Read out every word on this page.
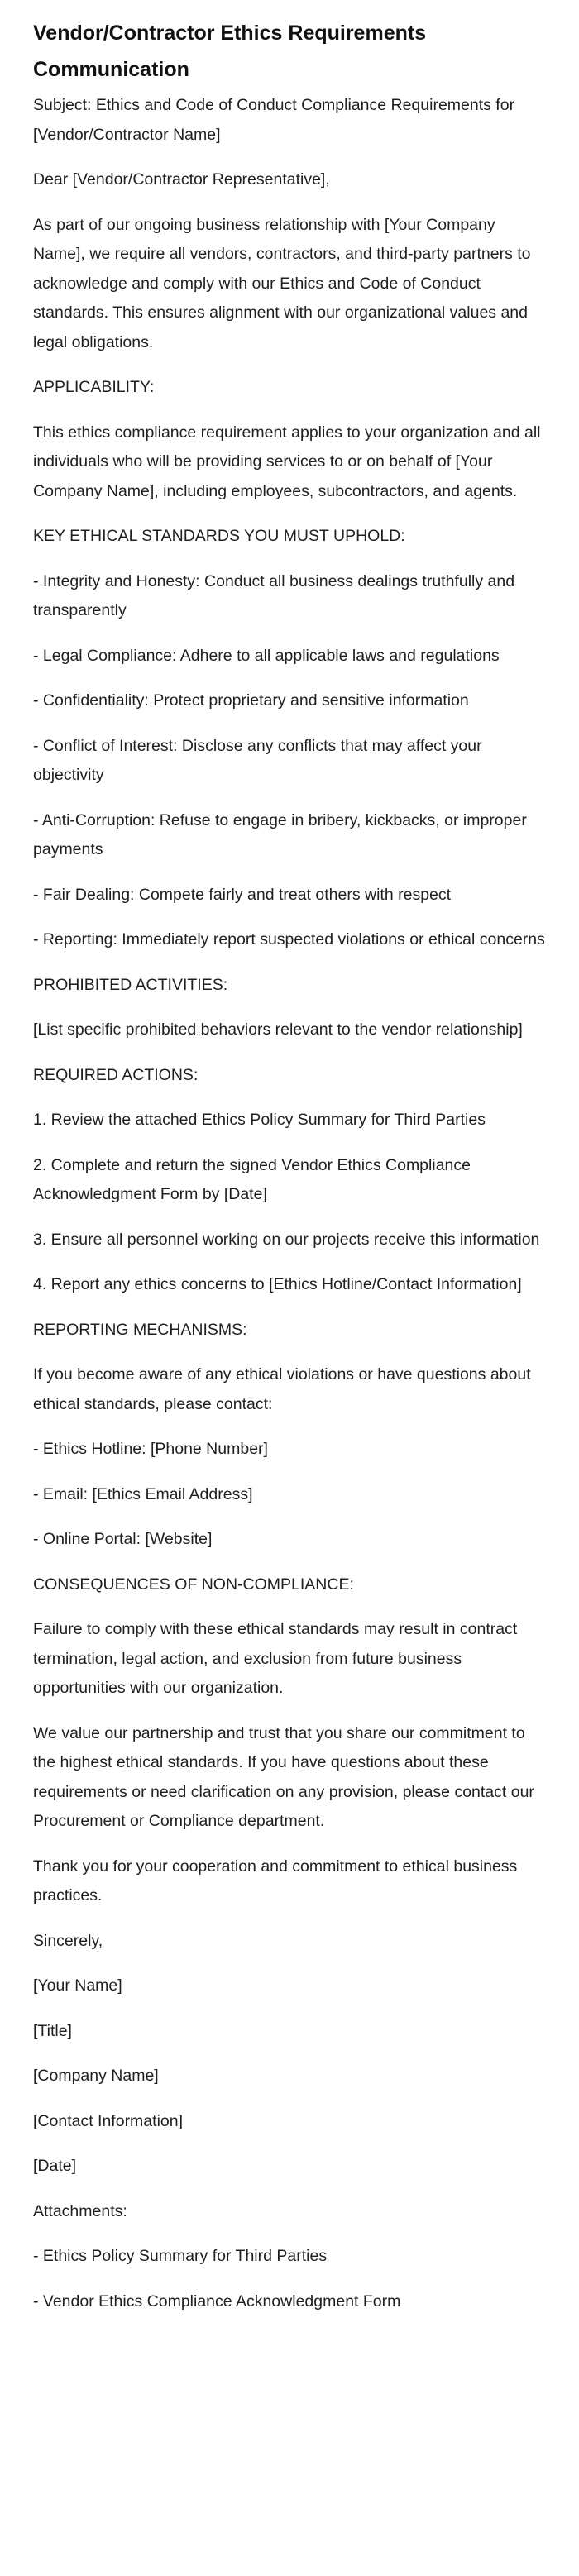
Vendor/Contractor Ethics Requirements Communication

Subject: Ethics and Code of Conduct Compliance Requirements for [Vendor/Contractor Name]

Dear [Vendor/Contractor Representative],

As part of our ongoing business relationship with [Your Company Name], we require all vendors, contractors, and third-party partners to acknowledge and comply with our Ethics and Code of Conduct standards. This ensures alignment with our organizational values and legal obligations.

APPLICABILITY:

This ethics compliance requirement applies to your organization and all individuals who will be providing services to or on behalf of [Your Company Name], including employees, subcontractors, and agents.

KEY ETHICAL STANDARDS YOU MUST UPHOLD:

- Integrity and Honesty: Conduct all business dealings truthfully and transparently

- Legal Compliance: Adhere to all applicable laws and regulations

- Confidentiality: Protect proprietary and sensitive information

- Conflict of Interest: Disclose any conflicts that may affect your objectivity

- Anti-Corruption: Refuse to engage in bribery, kickbacks, or improper payments

- Fair Dealing: Compete fairly and treat others with respect

- Reporting: Immediately report suspected violations or ethical concerns

PROHIBITED ACTIVITIES:

[List specific prohibited behaviors relevant to the vendor relationship]

REQUIRED ACTIONS:

1. Review the attached Ethics Policy Summary for Third Parties

2. Complete and return the signed Vendor Ethics Compliance Acknowledgment Form by [Date]

3. Ensure all personnel working on our projects receive this information

4. Report any ethics concerns to [Ethics Hotline/Contact Information]

REPORTING MECHANISMS:

If you become aware of any ethical violations or have questions about ethical standards, please contact:

- Ethics Hotline: [Phone Number]

- Email: [Ethics Email Address]

- Online Portal: [Website]

CONSEQUENCES OF NON-COMPLIANCE:

Failure to comply with these ethical standards may result in contract termination, legal action, and exclusion from future business opportunities with our organization.

We value our partnership and trust that you share our commitment to the highest ethical standards. If you have questions about these requirements or need clarification on any provision, please contact our Procurement or Compliance department.

Thank you for your cooperation and commitment to ethical business practices.

Sincerely,

[Your Name]

[Title]

[Company Name]

[Contact Information]

[Date]

Attachments:

- Ethics Policy Summary for Third Parties

- Vendor Ethics Compliance Acknowledgment Form
